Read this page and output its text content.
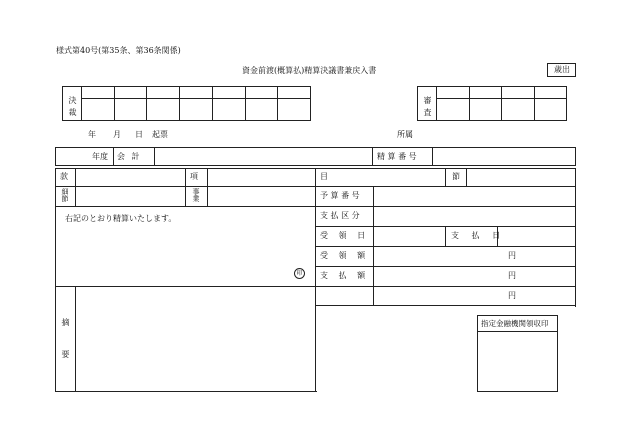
様式第40号(第35条、第36条関係)
資金前渡(概算払)精算決議書兼戻入書	歳出
決裁	審査
年 月 日 起票	所属
年度 会 計	精 算 番 号
款	項	目	節
細節	事業
右記のとおり精算いたします。
印
摘要
予 算 番 号
支 払 区 分
受 領 日	支 払 日
受 領 額	円
支 払 額	円
円
指定金融機関領収印
